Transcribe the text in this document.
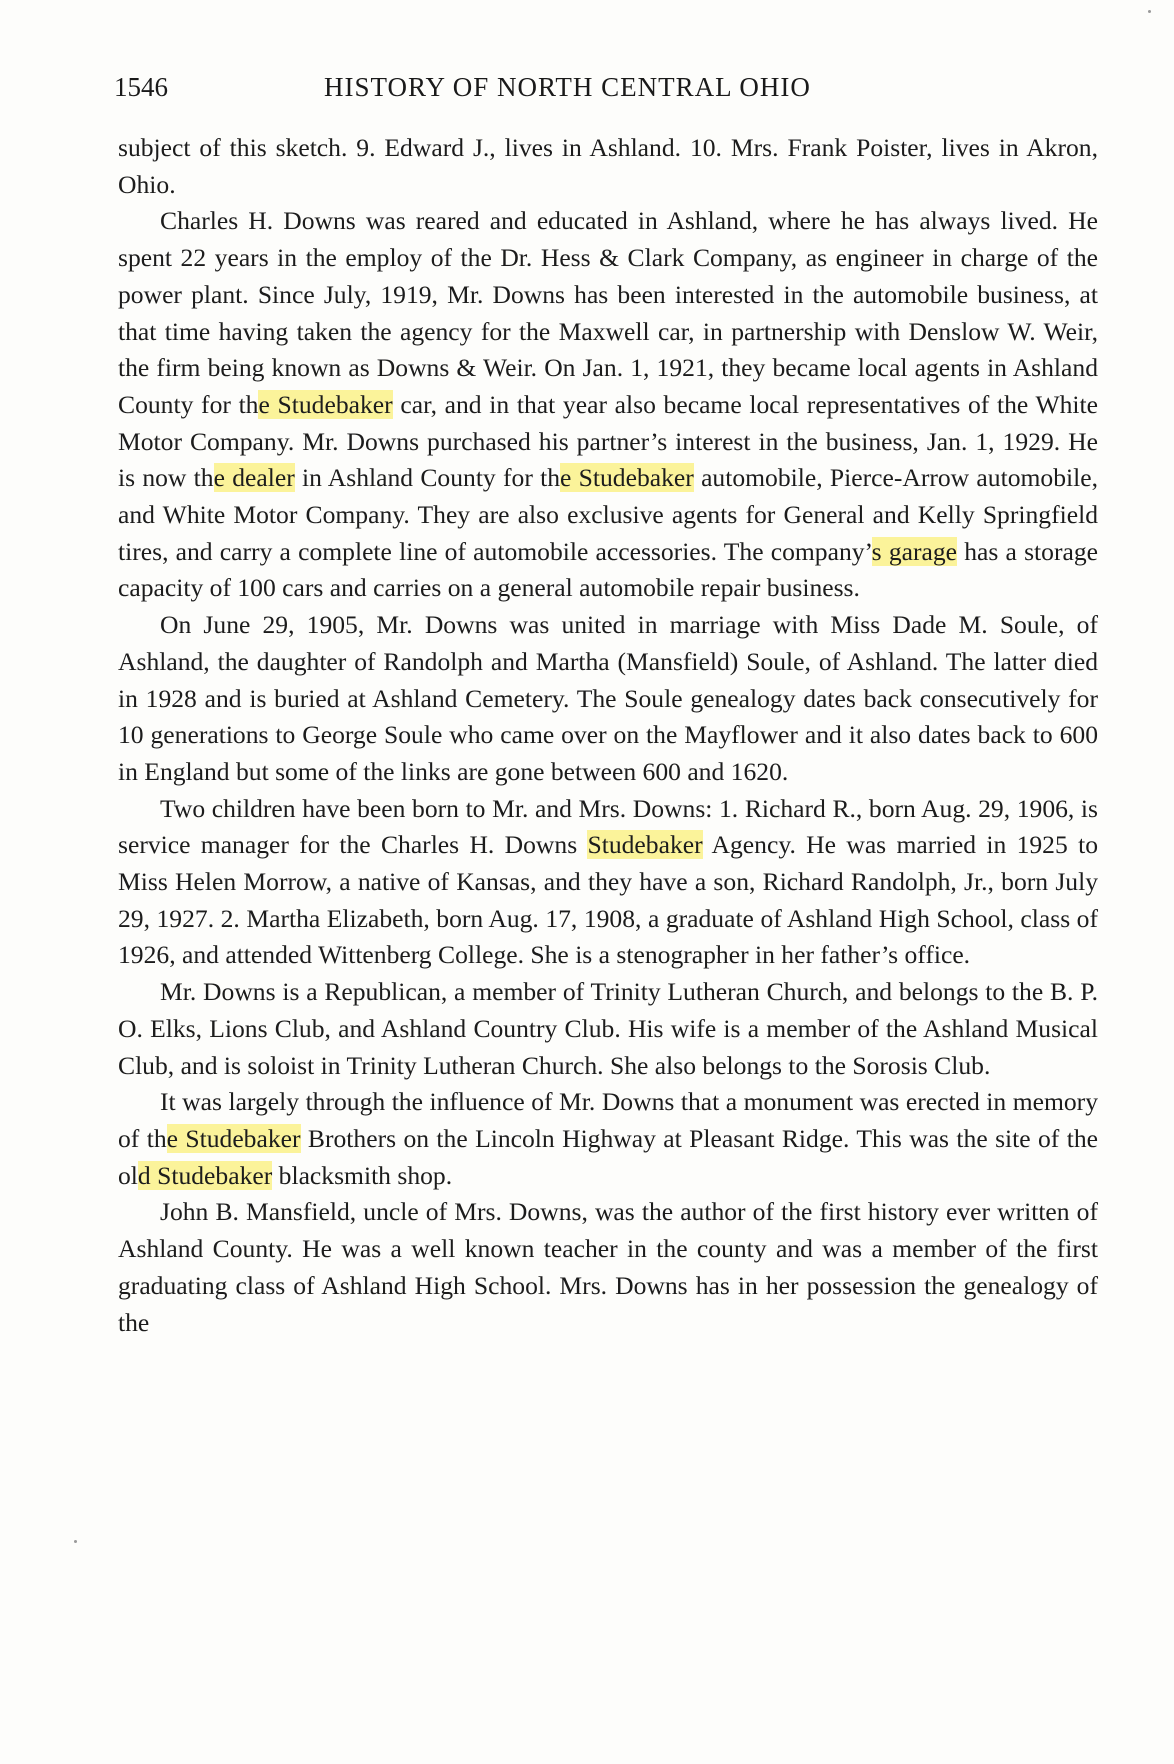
1546	HISTORY OF NORTH CENTRAL OHIO

subject of this sketch. 9. Edward J., lives in Ashland. 10. Mrs. Frank Poister, lives in Akron, Ohio.

Charles H. Downs was reared and educated in Ashland, where he has always lived. He spent 22 years in the employ of the Dr. Hess & Clark Company, as engineer in charge of the power plant. Since July, 1919, Mr. Downs has been interested in the automobile business, at that time having taken the agency for the Maxwell car, in partnership with Denslow W. Weir, the firm being known as Downs & Weir. On Jan. 1, 1921, they became local agents in Ashland County for the Studebaker car, and in that year also became local representatives of the White Motor Company. Mr. Downs purchased his partner’s interest in the business, Jan. 1, 1929. He is now the dealer in Ashland County for the Studebaker automobile, Pierce-Arrow automobile, and White Motor Company. They are also exclusive agents for General and Kelly Springfield tires, and carry a complete line of automobile accessories. The company’s garage has a storage capacity of 100 cars and carries on a general automobile repair business.

On June 29, 1905, Mr. Downs was united in marriage with Miss Dade M. Soule, of Ashland, the daughter of Randolph and Martha (Mansfield) Soule, of Ashland. The latter died in 1928 and is buried at Ashland Cemetery. The Soule genealogy dates back consecutively for 10 generations to George Soule who came over on the Mayflower and it also dates back to 600 in England but some of the links are gone between 600 and 1620.

Two children have been born to Mr. and Mrs. Downs: 1. Richard R., born Aug. 29, 1906, is service manager for the Charles H. Downs Studebaker Agency. He was married in 1925 to Miss Helen Morrow, a native of Kansas, and they have a son, Richard Randolph, Jr., born July 29, 1927. 2. Martha Elizabeth, born Aug. 17, 1908, a graduate of Ashland High School, class of 1926, and attended Wittenberg College. She is a stenographer in her father’s office.

Mr. Downs is a Republican, a member of Trinity Lutheran Church, and belongs to the B. P. O. Elks, Lions Club, and Ashland Country Club. His wife is a member of the Ashland Musical Club, and is soloist in Trinity Lutheran Church. She also belongs to the Sorosis Club.

It was largely through the influence of Mr. Downs that a monument was erected in memory of the Studebaker Brothers on the Lincoln Highway at Pleasant Ridge. This was the site of the old Studebaker blacksmith shop.

John B. Mansfield, uncle of Mrs. Downs, was the author of the first history ever written of Ashland County. He was a well known teacher in the county and was a member of the first graduating class of Ashland High School. Mrs. Downs has in her possession the genealogy of the
